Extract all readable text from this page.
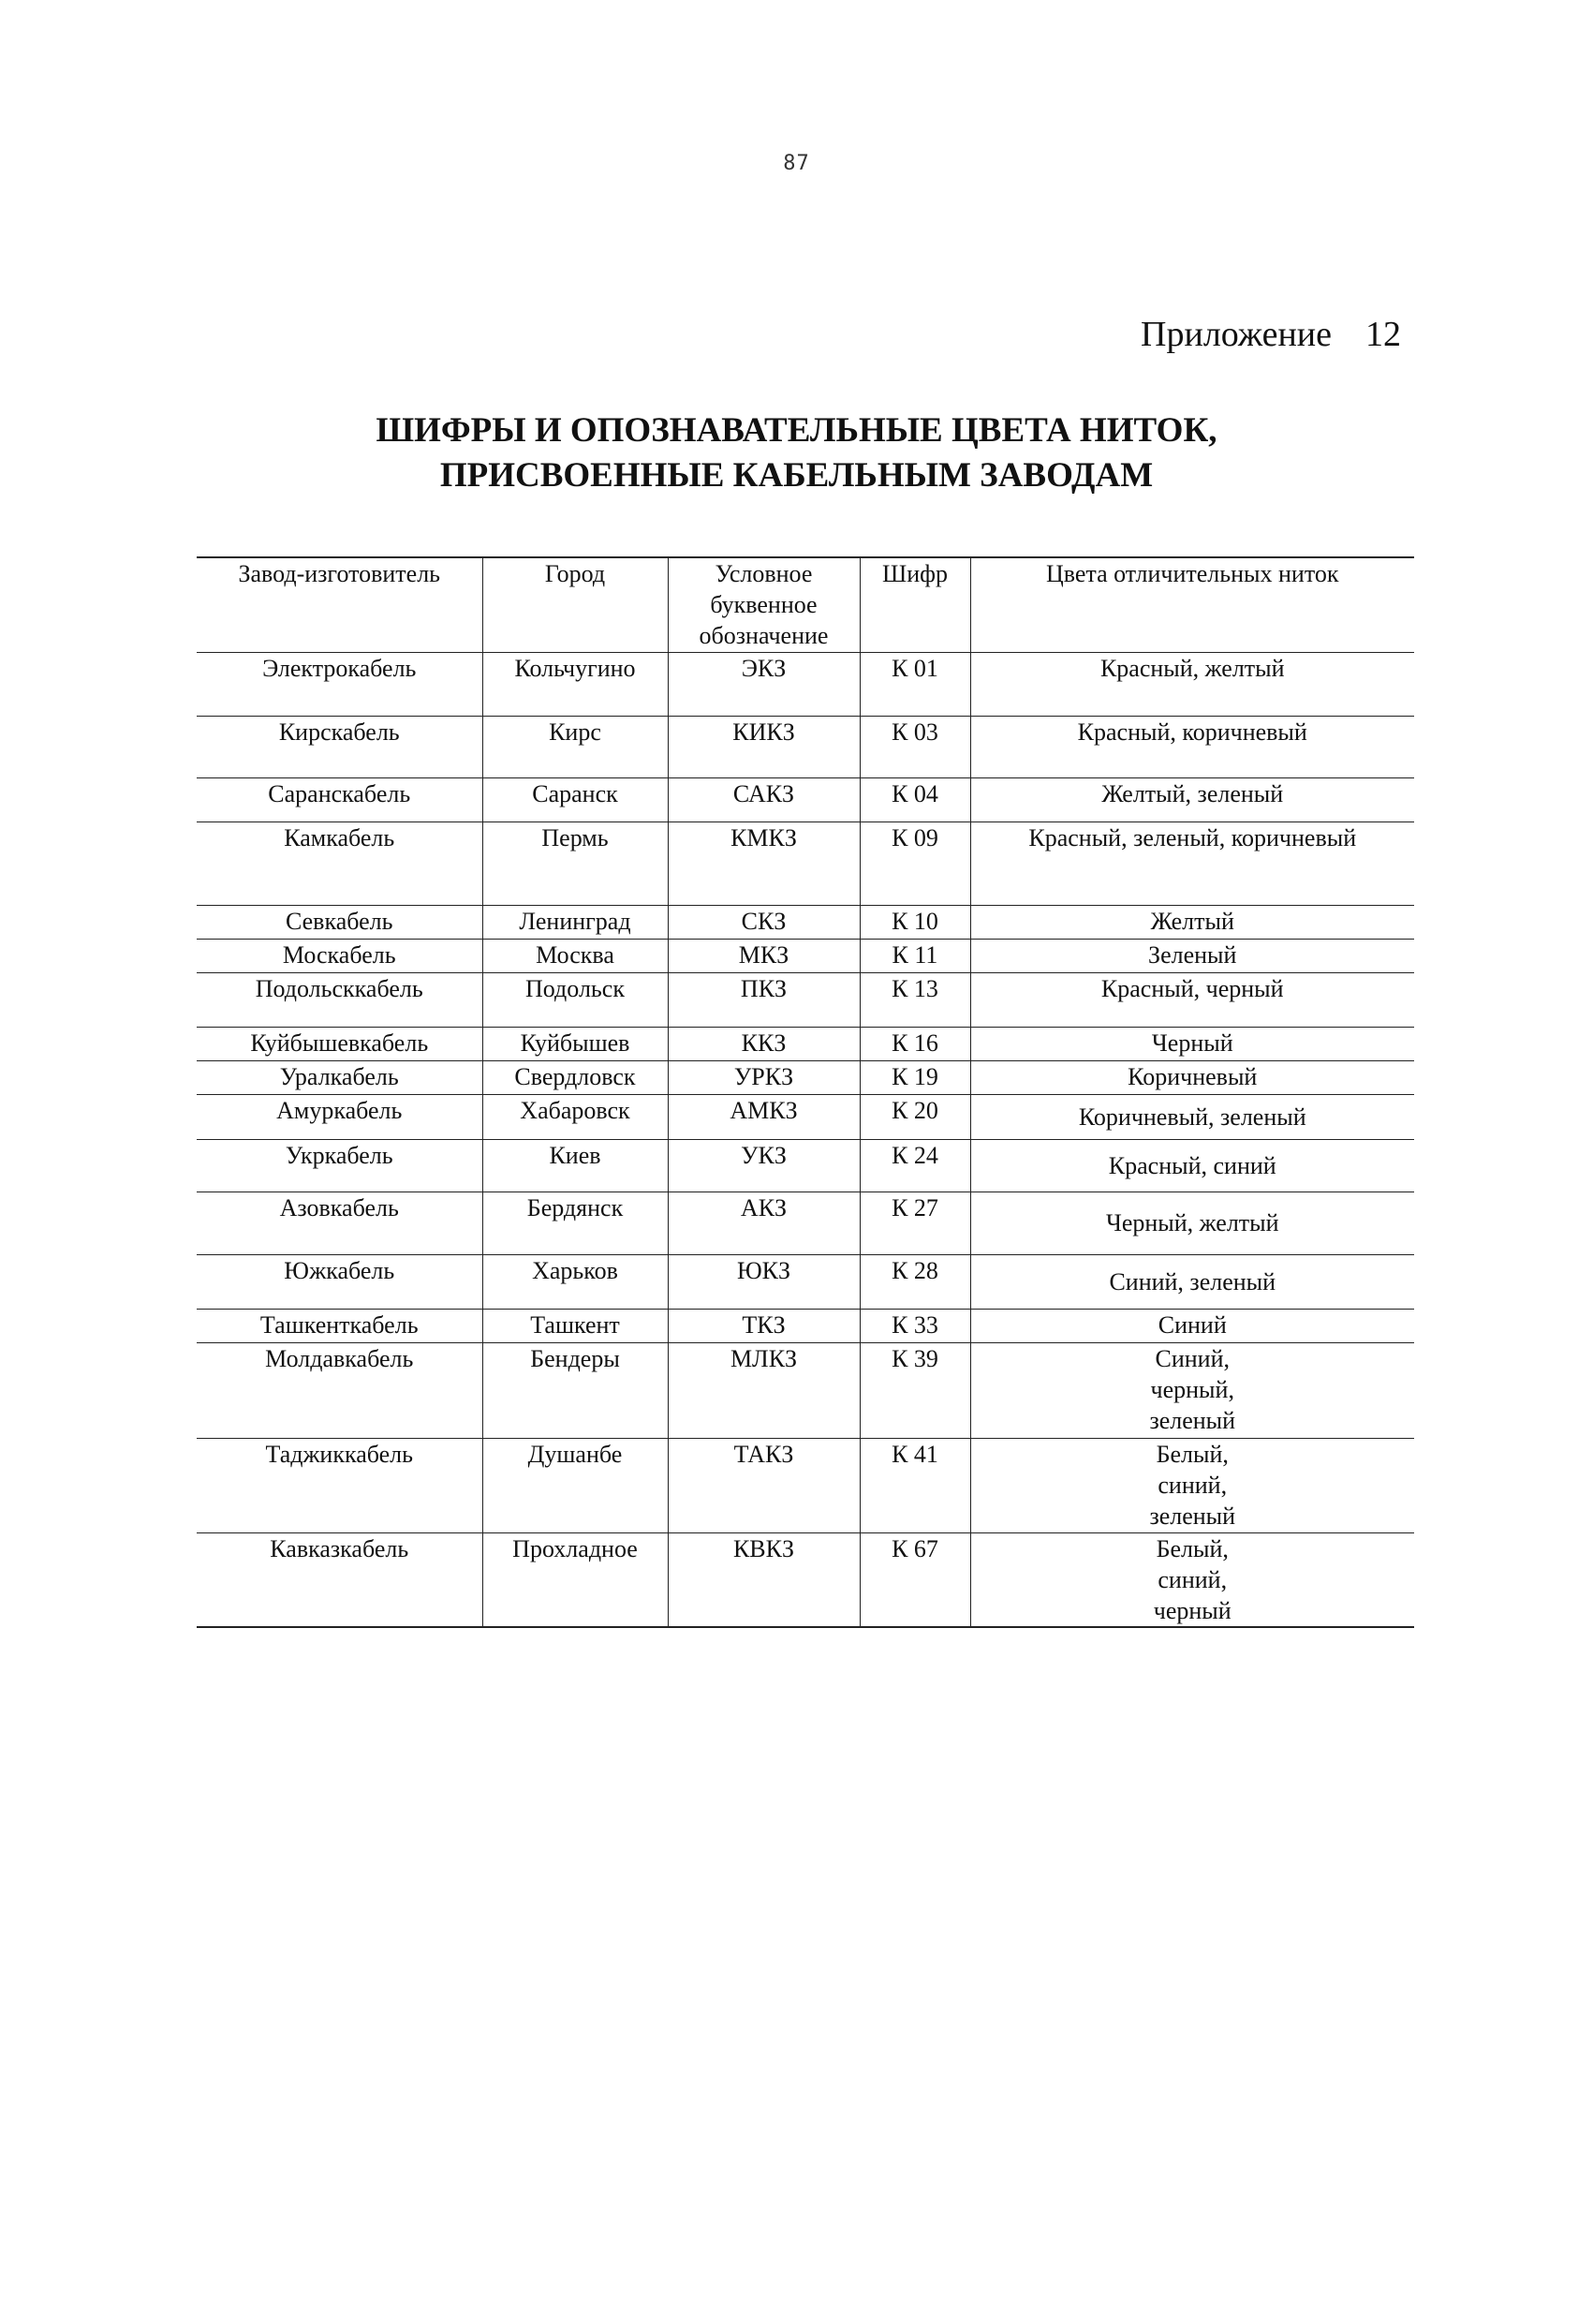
87
Приложение 12
ШИФРЫ И ОПОЗНАВАТЕЛЬНЫЕ ЦВЕТА НИТОК,
ПРИСВОЕННЫЕ КАБЕЛЬНЫМ ЗАВОДАМ
Завод-изготовитель	Город	Условное
буквенное
обозначение	Шифр	Цвета отличительных ниток

Электрокабель	Кольчугино	ЭКЗ	К 01	Красный, желтый
Кирскабель	Кирс	КИКЗ	К 03	Красный, коричневый
Саранскабель	Саранск	САКЗ	К 04	Желтый, зеленый
Камкабель	Пермь	КМКЗ	К 09	Красный, зеленый, коричневый
Севкабель	Ленинград	СКЗ	К 10	Желтый
Москабель	Москва	МКЗ	К 11	Зеленый
Подольсккабель	Подольск	ПКЗ	К 13	Красный, черный
Куйбышевкабель	Куйбышев	ККЗ	К 16	Черный
Уралкабель	Свердловск	УРКЗ	К 19	Коричневый
Амуркабель	Хабаровск	АМКЗ	К 20	Коричневый, зеленый
Укркабель	Киев	УКЗ	К 24	Красный, синий
Азовкабель	Бердянск	АКЗ	К 27	Черный, желтый
Южкабель	Харьков	ЮКЗ	К 28	Синий, зеленый
Ташкенткабель	Ташкент	ТКЗ	К 33	Синий
Молдавкабель	Бендеры	МЛКЗ	К 39	Синий,
черный,
зеленый
Таджиккабель	Душанбе	ТАКЗ	К 41	Белый,
синий,
зеленый
Кавказкабель	Прохладное	КВКЗ	К 67	Белый,
синий,
черный
